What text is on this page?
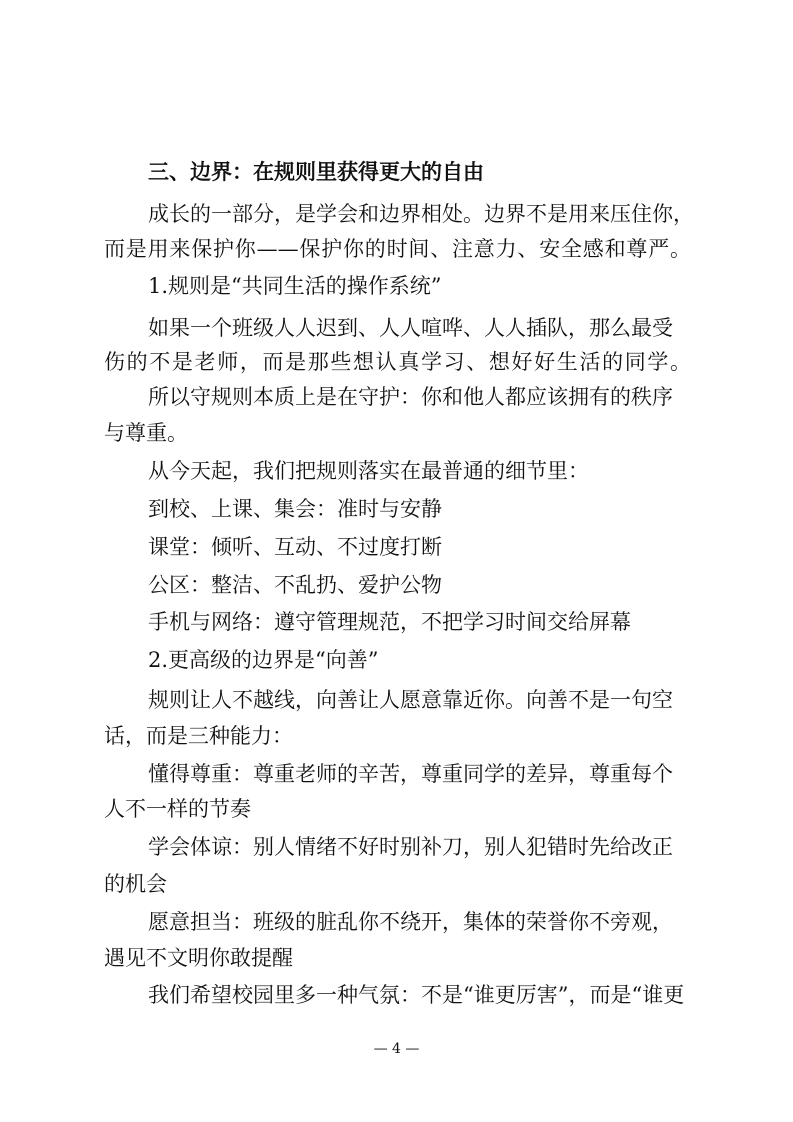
三、边界：在规则里获得更大的自由
成长的一部分，是学会和边界相处。边界不是用来压住你，
而是用来保护你——保护你的时间、注意力、安全感和尊严。
1.规则是“共同生活的操作系统”
如果一个班级人人迟到、人人喧哗、人人插队，那么最受
伤的不是老师，而是那些想认真学习、想好好生活的同学。
所以守规则本质上是在守护：你和他人都应该拥有的秩序
与尊重。
从今天起，我们把规则落实在最普通的细节里：
到校、上课、集会：准时与安静
课堂：倾听、互动、不过度打断
公区：整洁、不乱扔、爱护公物
手机与网络：遵守管理规范，不把学习时间交给屏幕
2.更高级的边界是“向善”
规则让人不越线，向善让人愿意靠近你。向善不是一句空
话，而是三种能力：
懂得尊重：尊重老师的辛苦，尊重同学的差异，尊重每个
人不一样的节奏
学会体谅：别人情绪不好时别补刀，别人犯错时先给改正
的机会
愿意担当：班级的脏乱你不绕开，集体的荣誉你不旁观，
遇见不文明你敢提醒
我们希望校园里多一种气氛：不是“谁更厉害”，而是“谁更
— 4 —
